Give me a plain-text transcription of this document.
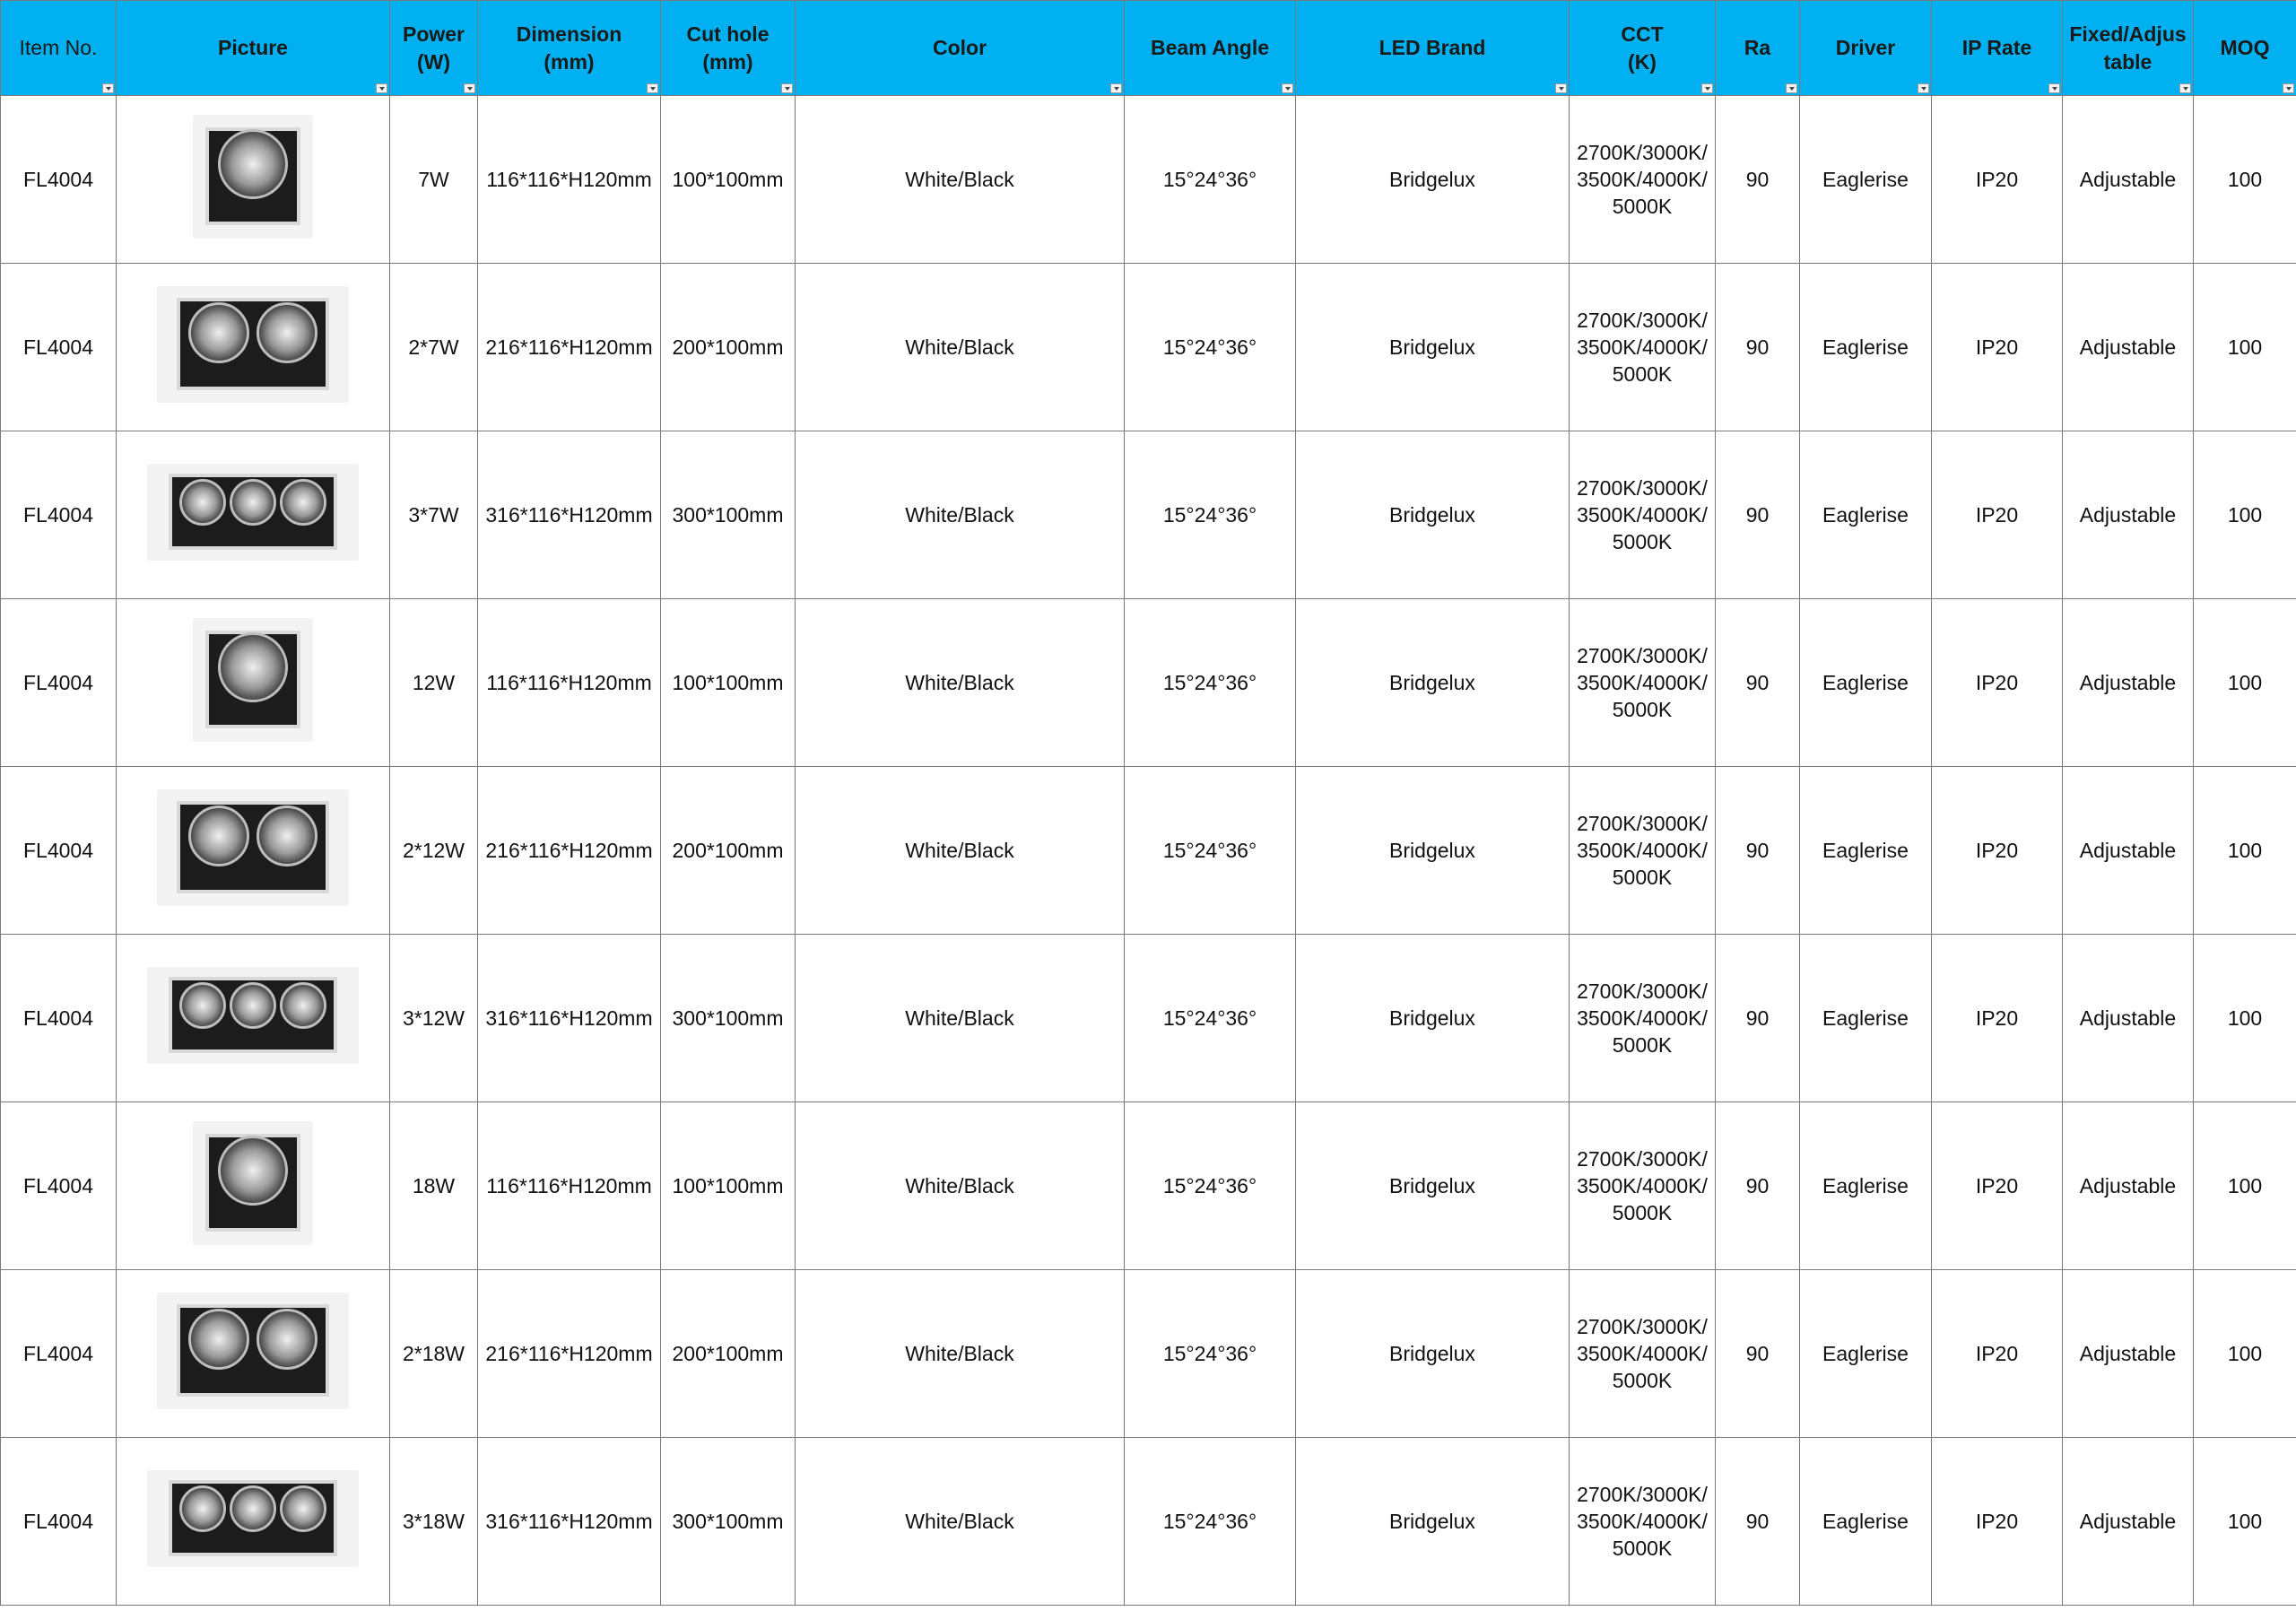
Item No.	Picture	Power
(W)	Dimension
(mm)	Cut hole
(mm)	Color	Beam Angle	LED Brand	CCT
(K)	Ra	Driver	IP Rate	Fixed/Adjus
table	MOQ

FL4004		7W	116*116*H120mm	100*100mm	White/Black	15°24°36°	Bridgelux	2700K/3000K/
3500K/4000K/
5000K	90	Eaglerise	IP20	Adjustable	100
FL4004		2*7W	216*116*H120mm	200*100mm	White/Black	15°24°36°	Bridgelux	2700K/3000K/
3500K/4000K/
5000K	90	Eaglerise	IP20	Adjustable	100
FL4004		3*7W	316*116*H120mm	300*100mm	White/Black	15°24°36°	Bridgelux	2700K/3000K/
3500K/4000K/
5000K	90	Eaglerise	IP20	Adjustable	100
FL4004		12W	116*116*H120mm	100*100mm	White/Black	15°24°36°	Bridgelux	2700K/3000K/
3500K/4000K/
5000K	90	Eaglerise	IP20	Adjustable	100
FL4004		2*12W	216*116*H120mm	200*100mm	White/Black	15°24°36°	Bridgelux	2700K/3000K/
3500K/4000K/
5000K	90	Eaglerise	IP20	Adjustable	100
FL4004		3*12W	316*116*H120mm	300*100mm	White/Black	15°24°36°	Bridgelux	2700K/3000K/
3500K/4000K/
5000K	90	Eaglerise	IP20	Adjustable	100
FL4004		18W	116*116*H120mm	100*100mm	White/Black	15°24°36°	Bridgelux	2700K/3000K/
3500K/4000K/
5000K	90	Eaglerise	IP20	Adjustable	100
FL4004		2*18W	216*116*H120mm	200*100mm	White/Black	15°24°36°	Bridgelux	2700K/3000K/
3500K/4000K/
5000K	90	Eaglerise	IP20	Adjustable	100
FL4004		3*18W	316*116*H120mm	300*100mm	White/Black	15°24°36°	Bridgelux	2700K/3000K/
3500K/4000K/
5000K	90	Eaglerise	IP20	Adjustable	100
